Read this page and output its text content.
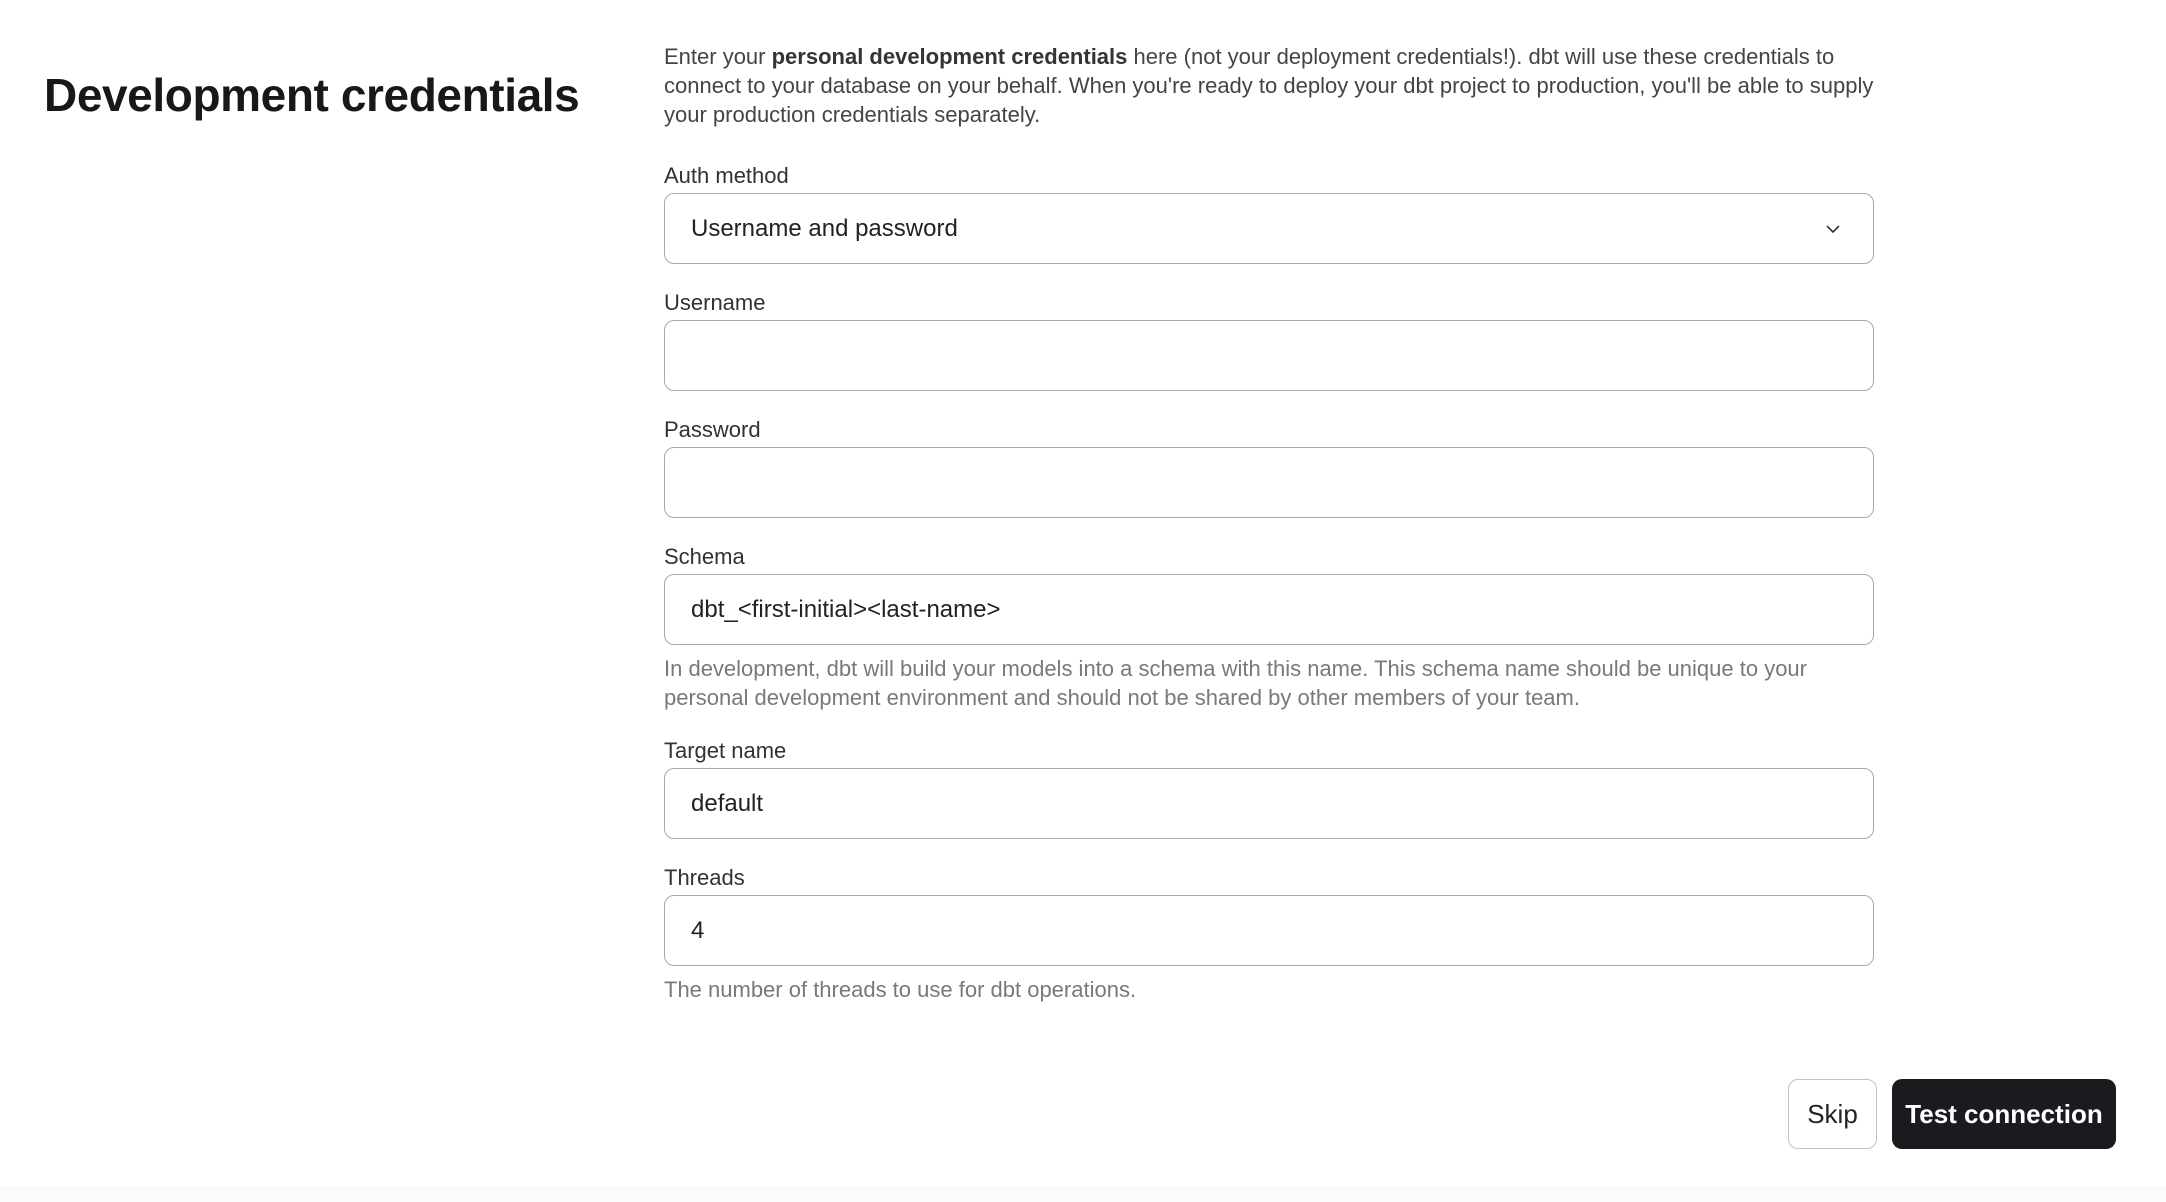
Development credentials

Enter your personal development credentials here (not your deployment credentials!). dbt will use these credentials to connect to your database on your behalf. When you're ready to deploy your dbt project to production, you'll be able to supply your production credentials separately.

Auth method
Username and password
Username
Password
Schema
dbt_<first-initial><last-name>

In development, dbt will build your models into a schema with this name. This schema name should be unique to your personal development environment and should not be shared by other members of your team.

Target name
default
Threads
4

The number of threads to use for dbt operations.

Skip	Test connection
